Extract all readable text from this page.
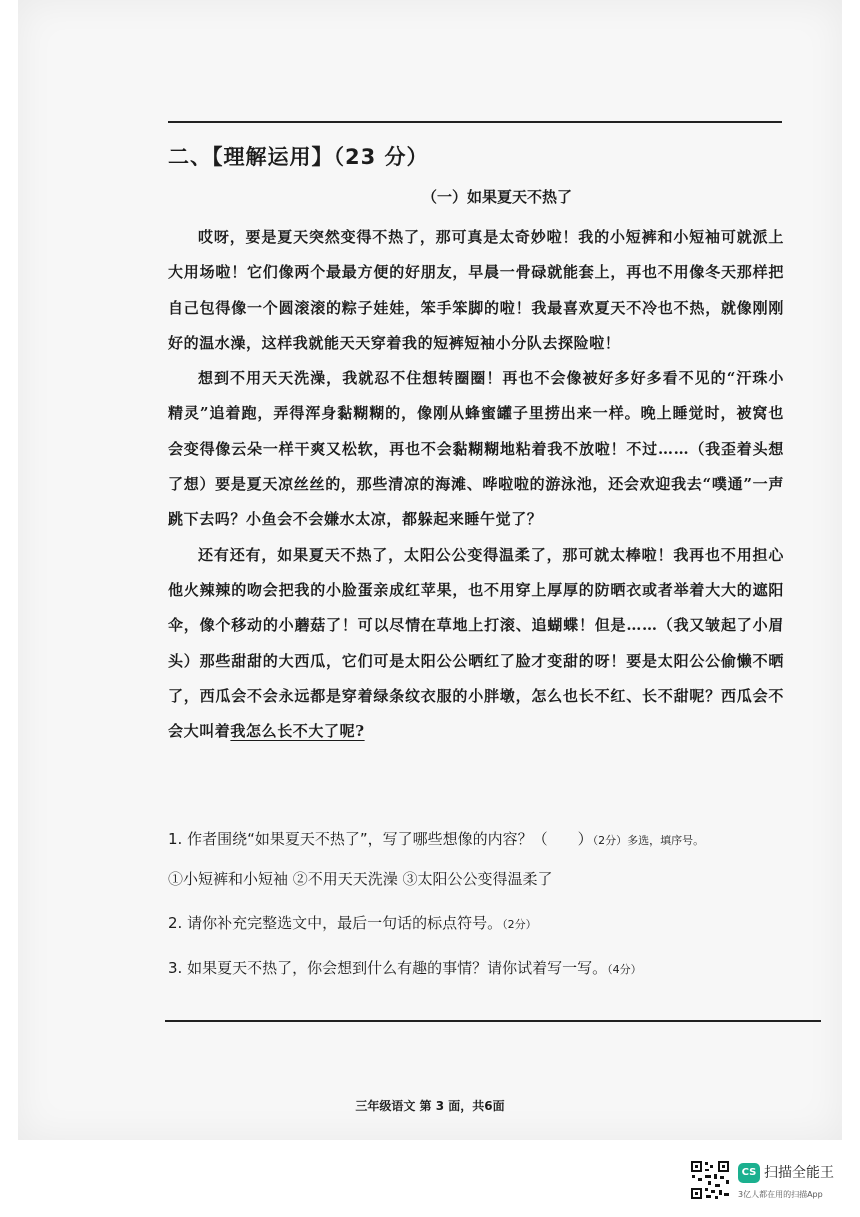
二、【理解运用】（23 分）
（一）如果夏天不热了

哎呀，要是夏天突然变得不热了，那可真是太奇妙啦！我的小短裤和小短袖可就派上大用场啦！它们像两个最最方便的好朋友，早晨一骨碌就能套上，再也不用像冬天那样把自己包得像一个圆滚滚的粽子娃娃，笨手笨脚的啦！我最喜欢夏天不冷也不热，就像刚刚好的温水澡，这样我就能天天穿着我的短裤短袖小分队去探险啦！

想到不用天天洗澡，我就忍不住想转圈圈！再也不会像被好多好多看不见的“汗珠小精灵”追着跑，弄得浑身黏糊糊的，像刚从蜂蜜罐子里捞出来一样。晚上睡觉时，被窝也会变得像云朵一样干爽又松软，再也不会黏糊糊地粘着我不放啦！不过……（我歪着头想了想）要是夏天凉丝丝的，那些清凉的海滩、哗啦啦的游泳池，还会欢迎我去“噗通”一声跳下去吗？小鱼会不会嫌水太凉，都躲起来睡午觉了？

还有还有，如果夏天不热了，太阳公公变得温柔了，那可就太棒啦！我再也不用担心他火辣辣的吻会把我的小脸蛋亲成红苹果，也不用穿上厚厚的防晒衣或者举着大大的遮阳伞，像个移动的小蘑菇了！可以尽情在草地上打滚、追蝴蝶！但是……（我又皱起了小眉头）那些甜甜的大西瓜，它们可是太阳公公晒红了脸才变甜的呀！要是太阳公公偷懒不晒了，西瓜会不会永远都是穿着绿条纹衣服的小胖墩，怎么也长不红、长不甜呢？西瓜会不会大叫着我怎么长不大了呢?

1. 作者围绕“如果夏天不热了”，写了哪些想像的内容？（　　）（2分）多选，填序号。
①小短裤和小短袖 ②不用天天洗澡 ③太阳公公变得温柔了
2. 请你补充完整选文中，最后一句话的标点符号。（2分）
3. 如果夏天不热了，你会想到什么有趣的事情？请你试着写一写。（4分）
三年级语文 第 3 面，共6面
CS 扫描全能王
3亿人都在用的扫描App
